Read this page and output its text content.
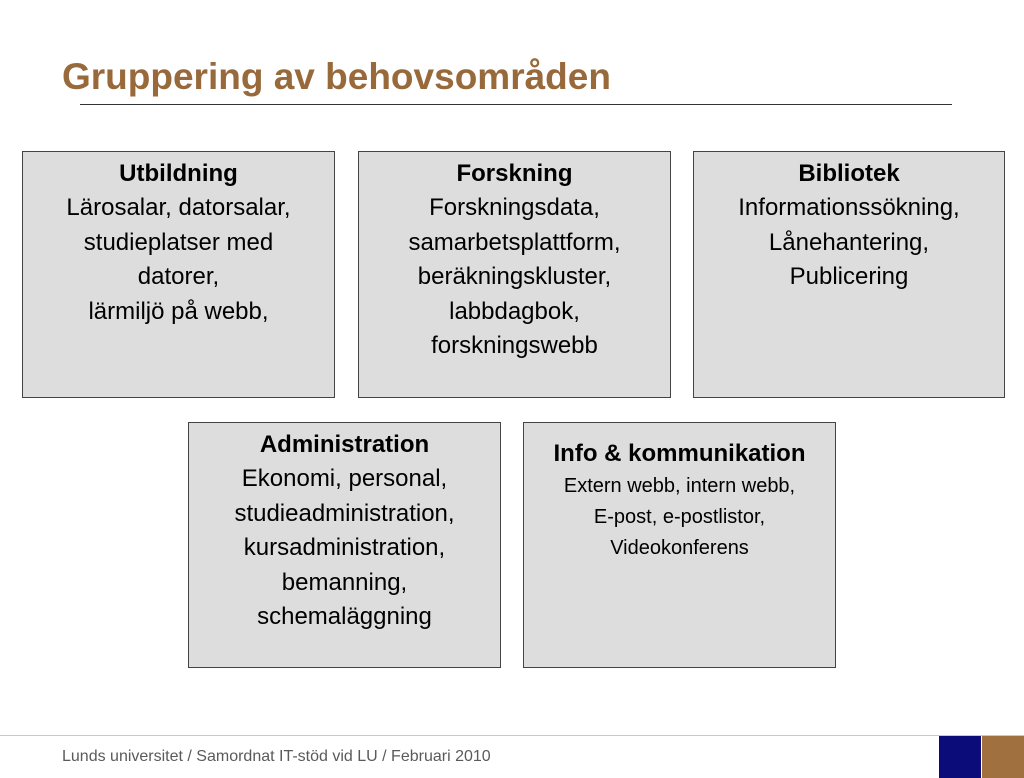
Gruppering av behovsområden
Utbildning
Lärosalar, datorsalar,
studieplatser med
datorer,
lärmiljö på webb,
Forskning
Forskningsdata,
samarbetsplattform,
beräkningskluster,
labbdagbok,
forskningswebb
Bibliotek
Informationssökning,
Lånehantering,
Publicering
Administration
Ekonomi, personal,
studieadministration,
kursadministration,
bemanning,
schemaläggning
Info & kommunikation
Extern webb, intern webb,
E-post, e-postlistor,
Videokonferens
Lunds universitet / Samordnat IT-stöd vid LU / Februari 2010
